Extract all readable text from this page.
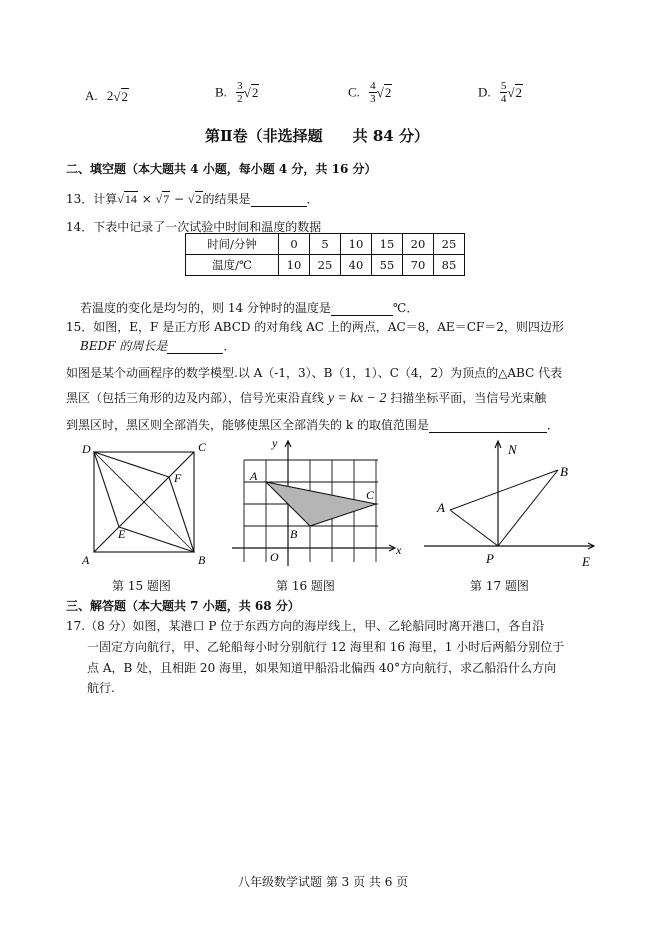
A. 2√2	B. $\frac{3}{2} √2$	C. $\frac{4}{3} √2$	D. $\frac{5}{4} √2$
第Ⅱ卷（非选择题　　共 84 分）
二、填空题（本大题共 4 小题，每小题 4 分，共 16 分）
13．计算√14 × √7 − √2的结果是	．
14．下表中记录了一次试验中时间和温度的数据
时间/分钟	0	5	10	15	20	25
温度/℃	10	25	40	55	70	85
若温度的变化是均匀的，则 14 分钟时的温度是	℃．
15．如图，E，F 是正方形 ABCD 的对角线 AC 上的两点，AC＝8，AE＝CF＝2，则四边形
BEDF 的周长是	．
如图是某个动画程序的数学模型.以 A（-1，3）、B（1，1）、C（4，2）为顶点的△ABC 代表
黑区（包括三角形的边及内部），信号光束沿直线 y = kx − 2 扫描坐标平面，当信号光束触
到黑区时，黑区则全部消失，能够使黑区全部消失的 k 的取值范围是	．
D	C
A	B
E
F
第 15 题图
y
x
O
A
B
C
第 16 题图
N
E
P
A
B
第 17 题图
三、解答题（本大题共 7 小题，共 68 分）
17.（8 分）如图，某港口 P 位于东西方向的海岸线上，甲、乙轮船同时离开港口，各自沿
一固定方向航行，甲、乙轮船每小时分别航行 12 海里和 16 海里，1 小时后两船分别位于
点 A，B 处，且相距 20 海里，如果知道甲船沿北偏西 40°方向航行，求乙船沿什么方向
航行.
八年级数学试题 第 3 页 共 6 页
